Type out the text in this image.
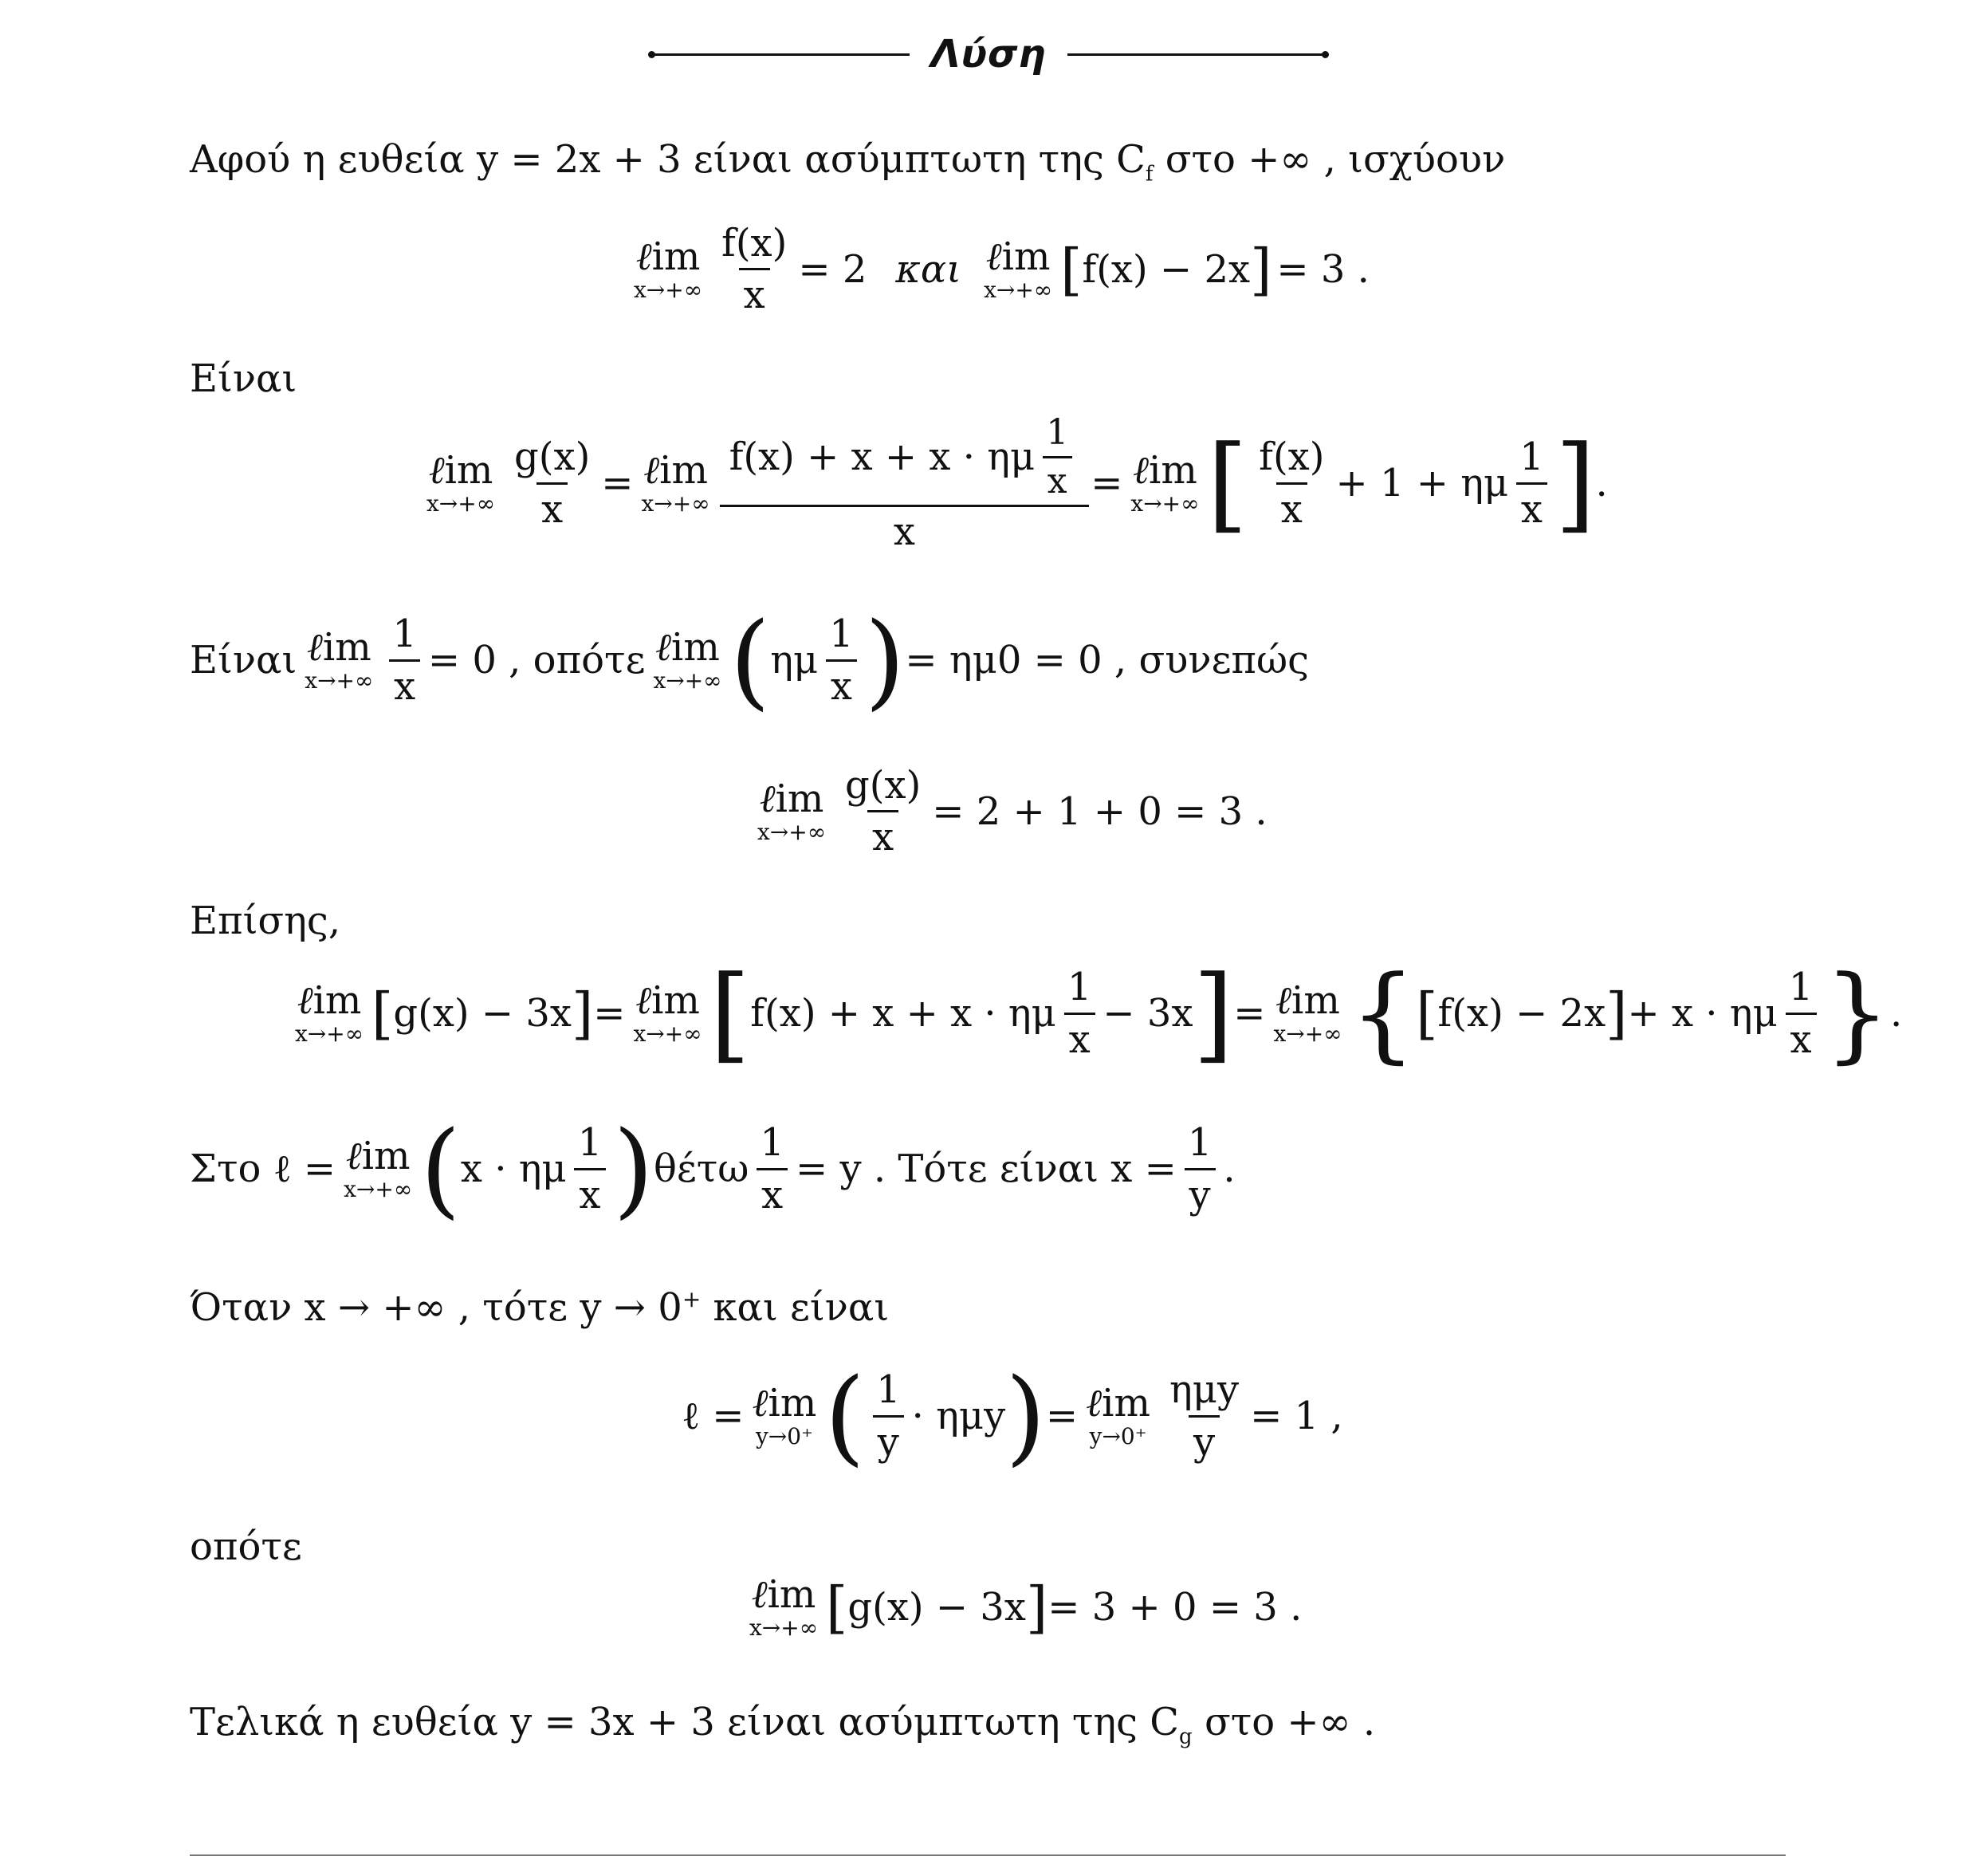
Λύση
Αφού η ευθεία y = 2x + 3 είναι ασύμπτωτη της $C_f$ στο +∞ , ισχύουν
ℓim
$x\to+\infty \frac{f(x)}{x} = 2$ και ℓim
x→+∞ [ f(x) − 2x ] = 3 .
Είναι
ℓim
$x\to+\infty \frac{g(x)}{x}$ = ℓim
$x\to+\infty \frac{f(x) + x + x \cdot \eta\mu \frac{1}{x}}{x}$ = ℓim
x→+∞ [ $\frac{f(x)}{x} + 1 + \eta\mu \frac{1}{x}$ ] .
Είναι ℓim
$x\to+\infty \frac{1}{x} = 0$ , οπότε ℓim
x→+∞ ( ημ $\frac{1}{x}$ ) = ημ0 = 0 , συνεπώς
ℓim
$x\to+\infty \frac{g(x)}{x} = 2 + 1 + 0 = 3$ .
Επίσης,
ℓim
x→+∞ [ g(x) − 3x ] = ℓim
x→+∞ [ f(x) + x + x · ημ $\frac{1}{x} - 3x$ ] = ℓim
x→+∞ { [ f(x) − 2x ] + x · ημ $\frac{1}{x}$ } .
Στο ℓ = ℓim
x→+∞ ( x · ημ $\frac{1}{x}$ ) θέτω $\frac{1}{x} = y$ . Τότε είναι $x = \frac{1}{y}$ .
Όταν x → +∞ , τότε y → 0+ και είναι
ℓ = ℓim
y→0⁺ ( $\frac{1}{y} \cdot \eta\mu y$ ) = ℓim
$y\to 0^+ \frac{\text{ημy}}{y} = 1$ ,
οπότε
ℓim
x→+∞ [ g(x) − 3x ] = 3 + 0 = 3 .
Τελικά η ευθεία y = 3x + 3 είναι ασύμπτωτη της $C_g$ στο +∞ .
